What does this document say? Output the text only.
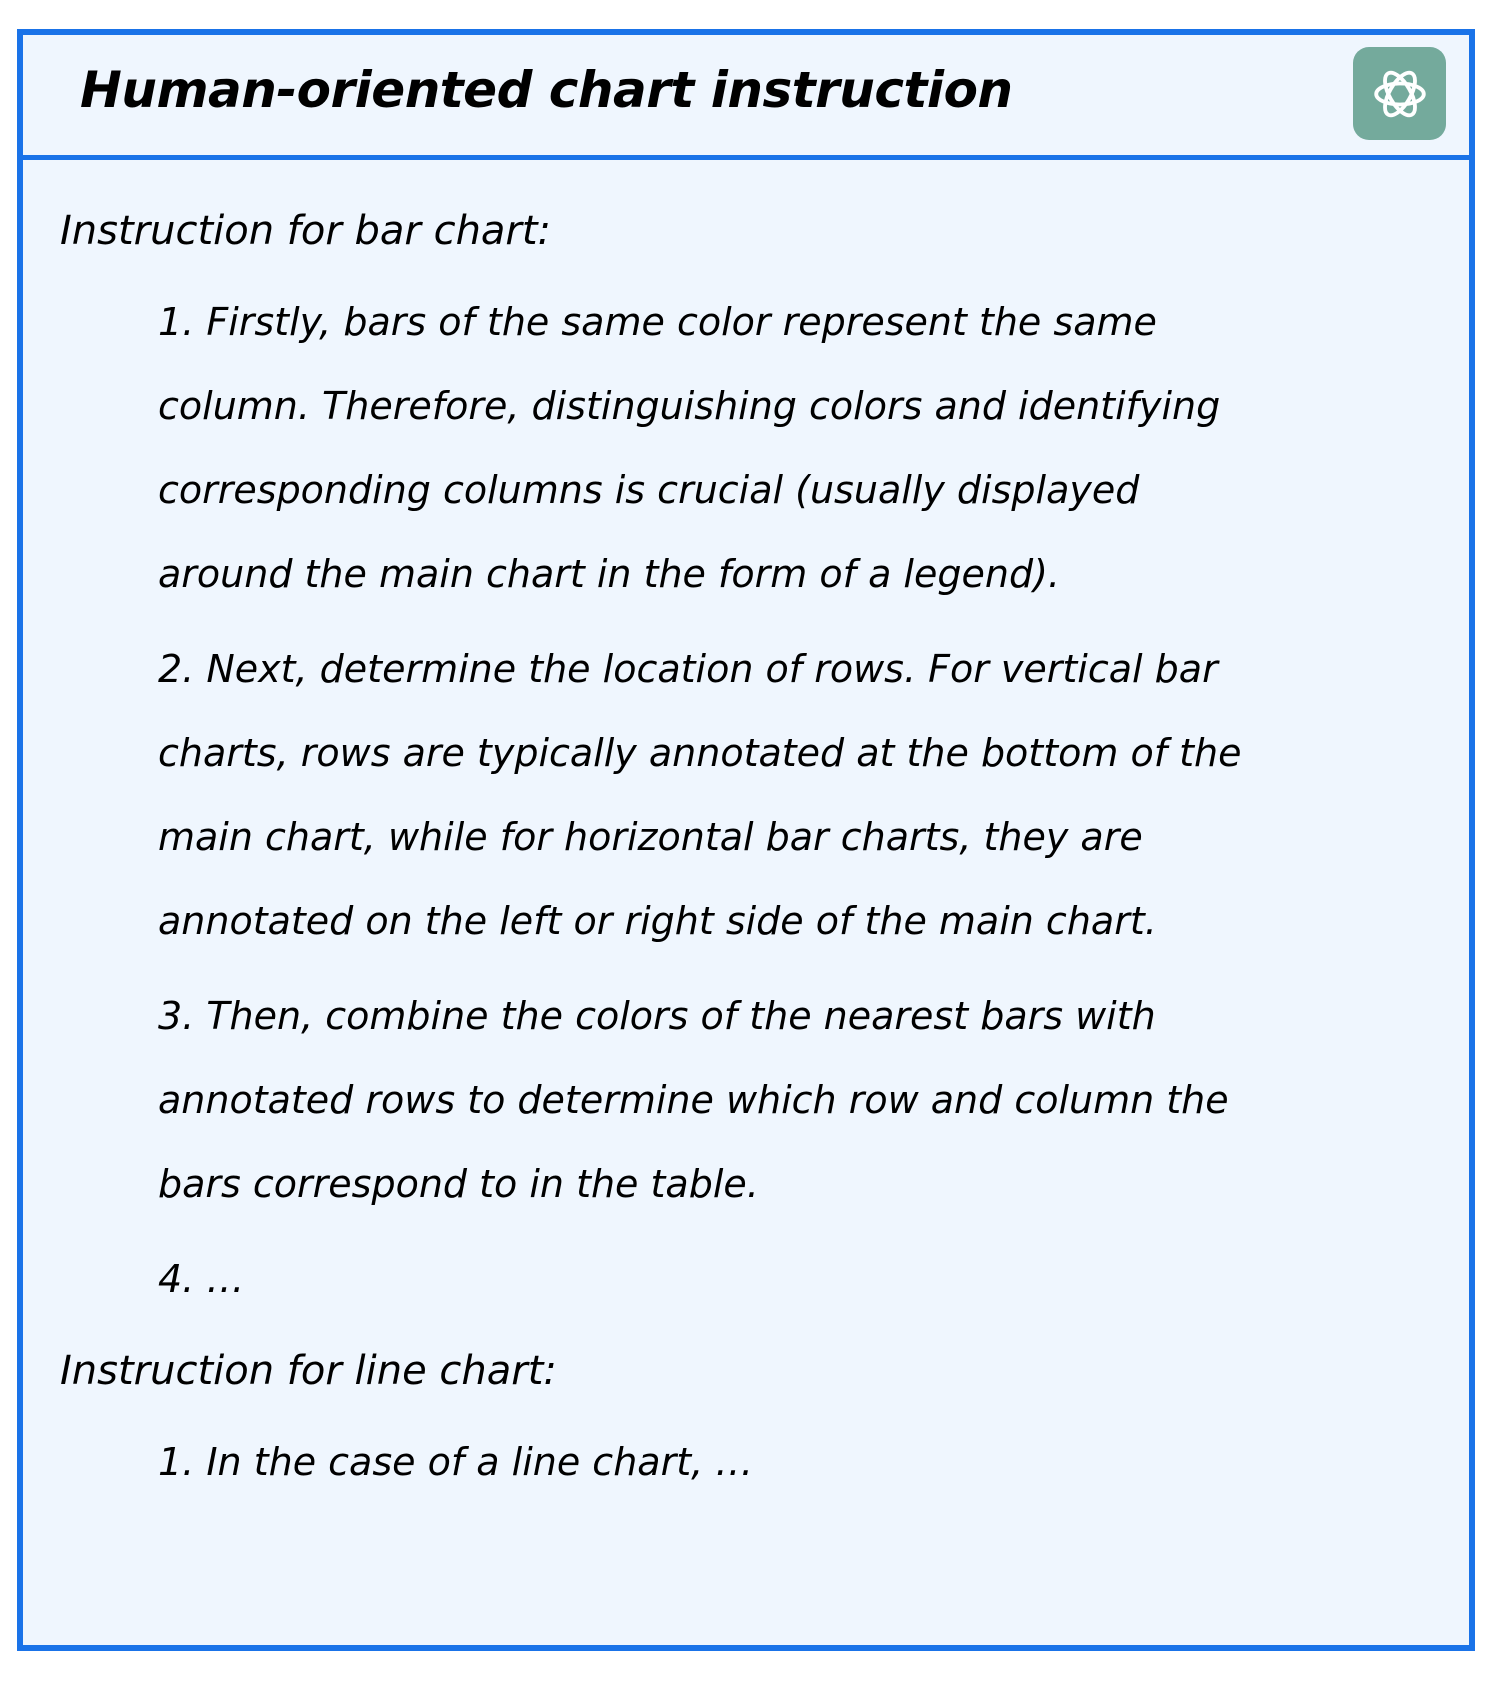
Human-oriented chart instruction
Instruction for bar chart:
1. Firstly, bars of the same color represent the same
column. Therefore, distinguishing colors and identifying
corresponding columns is crucial (usually displayed
around the main chart in the form of a legend).
2. Next, determine the location of rows. For vertical bar
charts, rows are typically annotated at the bottom of the
main chart, while for horizontal bar charts, they are
annotated on the left or right side of the main chart.
3. Then, combine the colors of the nearest bars with
annotated rows to determine which row and column the
bars correspond to in the table.
4. …
Instruction for line chart:
1. In the case of a line chart, …
